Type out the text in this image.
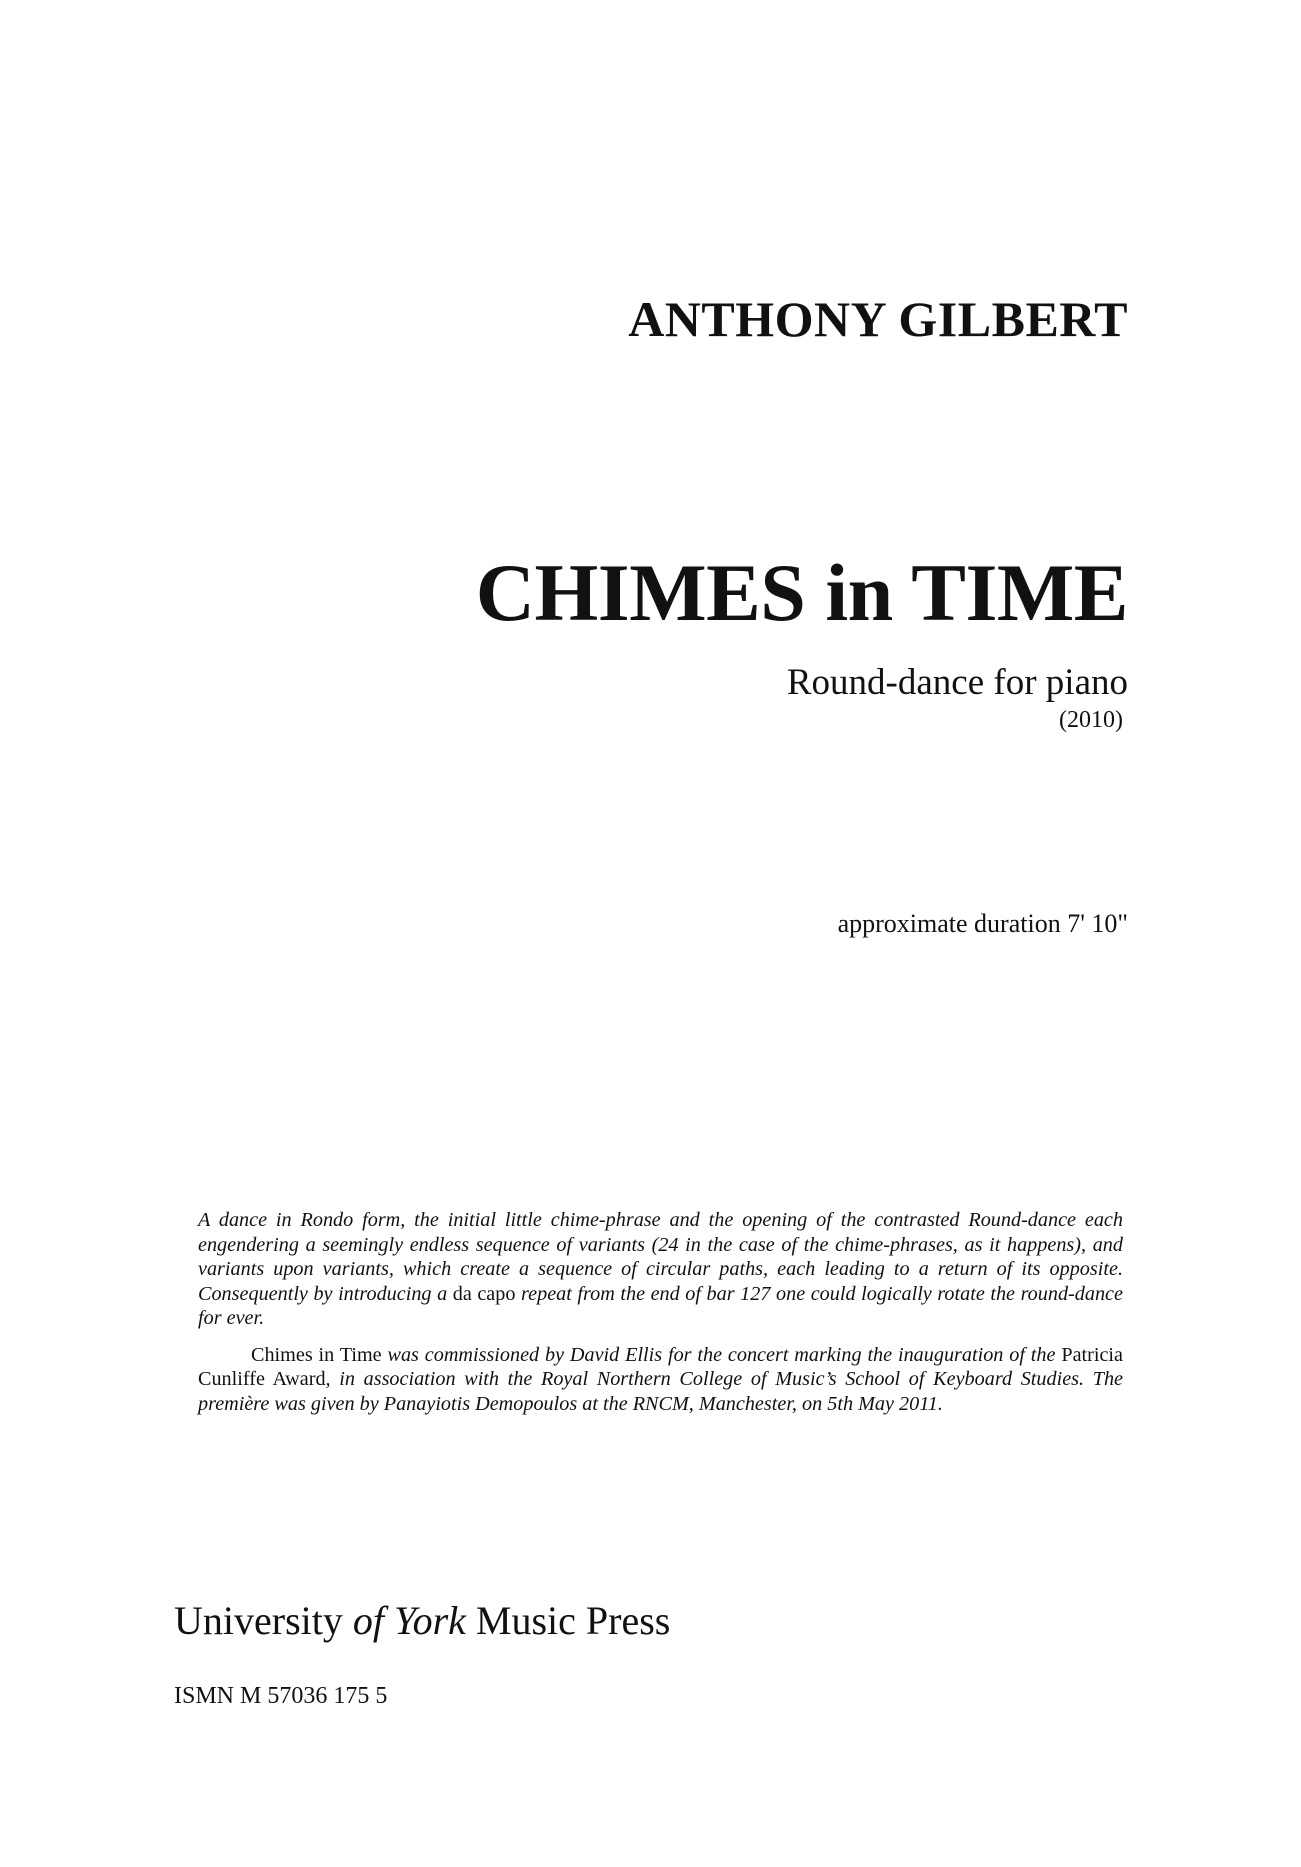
ANTHONY GILBERT
CHIMES in TIME
Round-dance for piano
(2010)
approximate duration 7' 10"

A dance in Rondo form, the initial little chime-phrase and the opening of the contrasted Round-dance each engendering a seemingly endless sequence of variants (24 in the case of the chime-phrases, as it happens), and variants upon variants, which create a sequence of circular paths, each leading to a return of its opposite. Consequently by introducing a da capo repeat from the end of bar 127 one could logically rotate the round-dance for ever.

Chimes in Time was commissioned by David Ellis for the concert marking the inauguration of the Patricia Cunliffe Award, in association with the Royal Northern College of Music’s School of Keyboard Studies. The première was given by Panayiotis Demopoulos at the RNCM, Manchester, on 5th May 2011.

University of York Music Press
ISMN M 57036 175 5
